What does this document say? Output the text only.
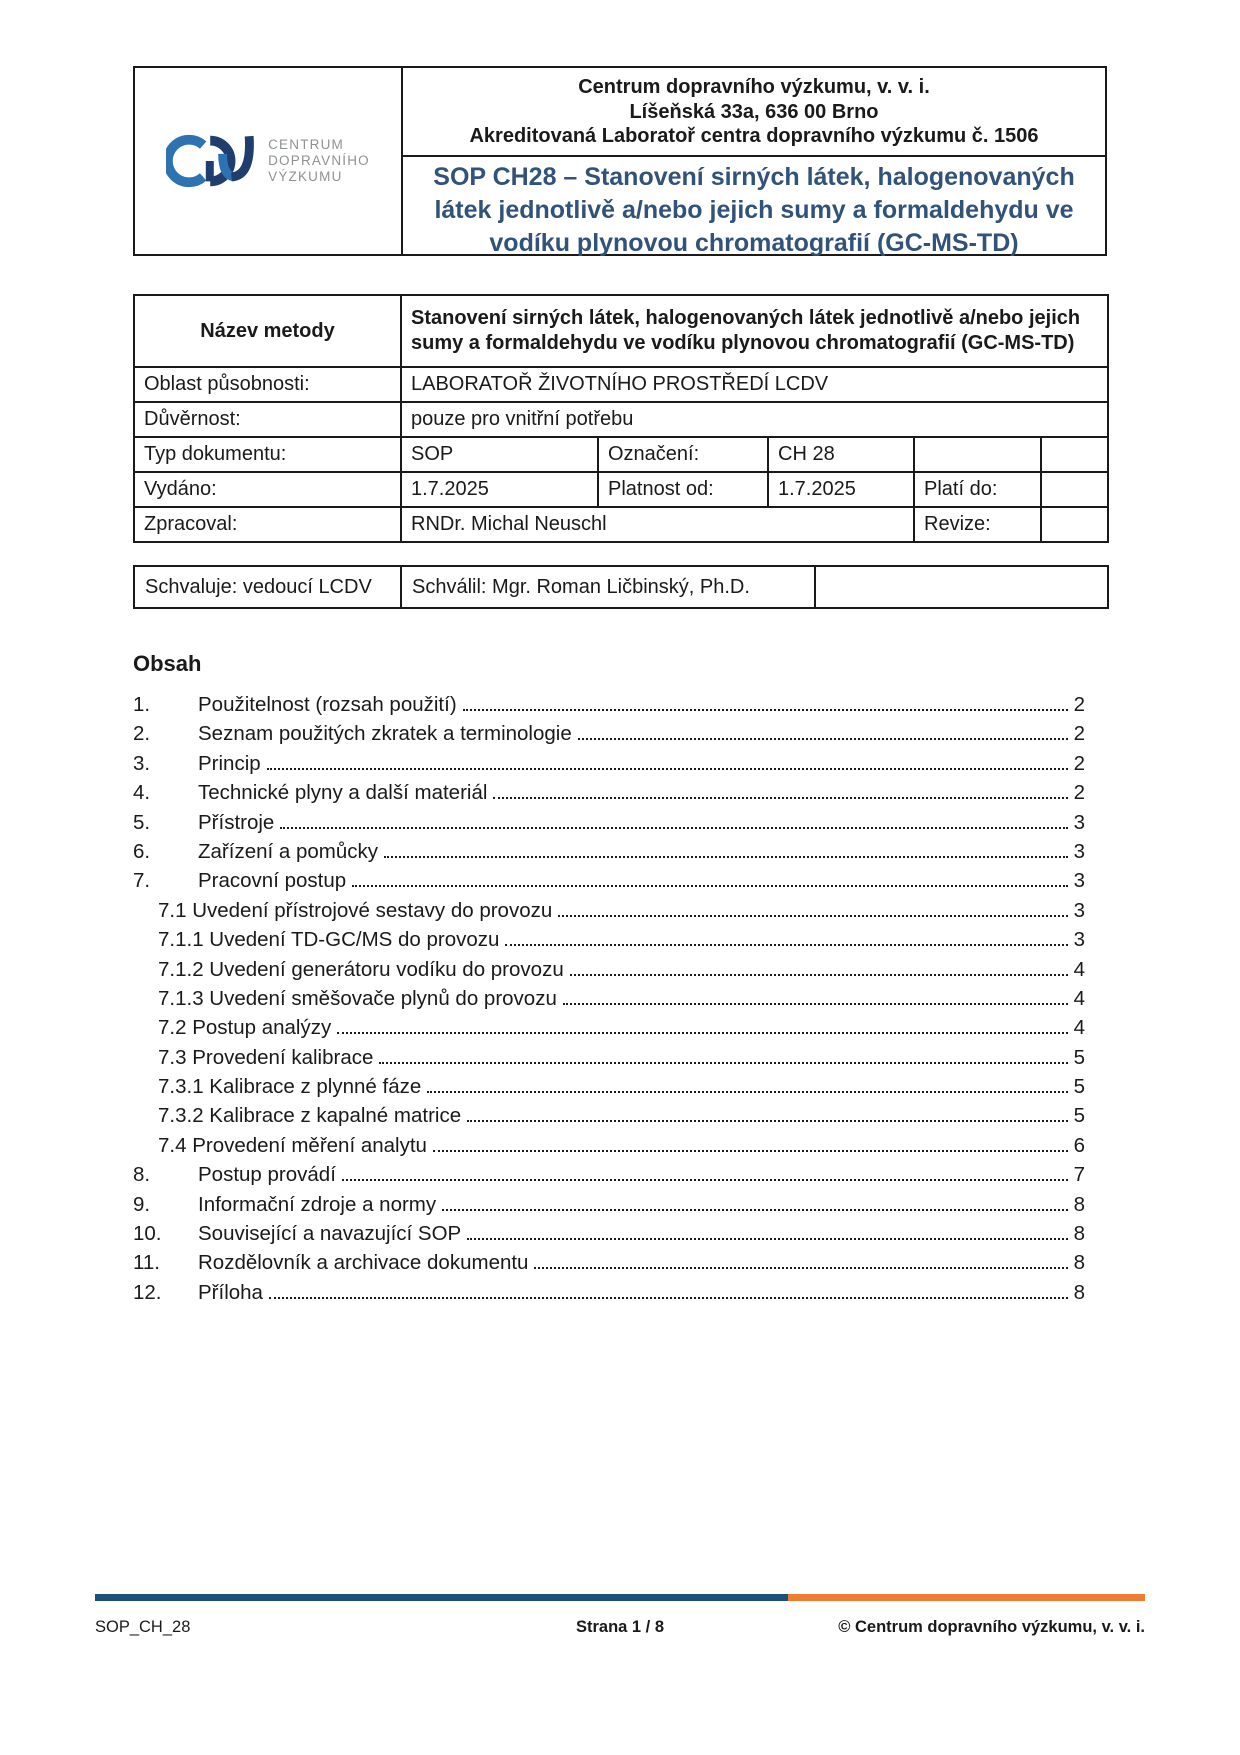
CENTRUM
DOPRAVNÍHO
VÝZKUMU
Centrum dopravního výzkumu, v. v. i.
Líšeňská 33a, 636 00 Brno
Akreditovaná Laboratoř centra dopravního výzkumu č. 1506
SOP CH28 – Stanovení sirných látek, halogenovaných látek jednotlivě a/nebo jejich sumy a formaldehydu ve vodíku plynovou chromatografií (GC-MS-TD)
Název metody	Stanovení sirných látek, halogenovaných látek jednotlivě a/nebo jejich sumy a formaldehydu ve vodíku plynovou chromatografií (GC-MS-TD)				
Oblast působnosti:	LABORATOŘ ŽIVOTNÍHO PROSTŘEDÍ LCDV				
Důvěrnost:	pouze pro vnitřní potřebu				
Typ dokumentu:	SOP	Označení:	CH 28		
Vydáno:	1.7.2025	Platnost od:	1.7.2025	Platí do:	
Zpracoval:	RNDr. Michal Neuschl			Revize:	
Schvaluje: vedoucí LCDV	Schválil: Mgr. Roman Ličbinský, Ph.D.	
Obsah
1.	Použitelnost (rozsah použití)	2
2.	Seznam použitých zkratek a terminologie	2
3.	Princip	2
4.	Technické plyny a další materiál	2
5.	Přístroje	3
6.	Zařízení a pomůcky	3
7.	Pracovní postup	3
7.1 Uvedení přístrojové sestavy do provozu	3
7.1.1 Uvedení TD-GC/MS do provozu	3
7.1.2 Uvedení generátoru vodíku do provozu	4
7.1.3 Uvedení směšovače plynů do provozu	4
7.2 Postup analýzy	4
7.3 Provedení kalibrace	5
7.3.1 Kalibrace z plynné fáze	5
7.3.2 Kalibrace z kapalné matrice	5
7.4 Provedení měření analytu	6
8.	Postup provádí	7
9.	Informační zdroje a normy	8
10.	Související a navazující SOP	8
11.	Rozdělovník a archivace dokumentu	8
12.	Příloha	8
SOP_CH_28	Strana 1 / 8	© Centrum dopravního výzkumu, v. v. i.
